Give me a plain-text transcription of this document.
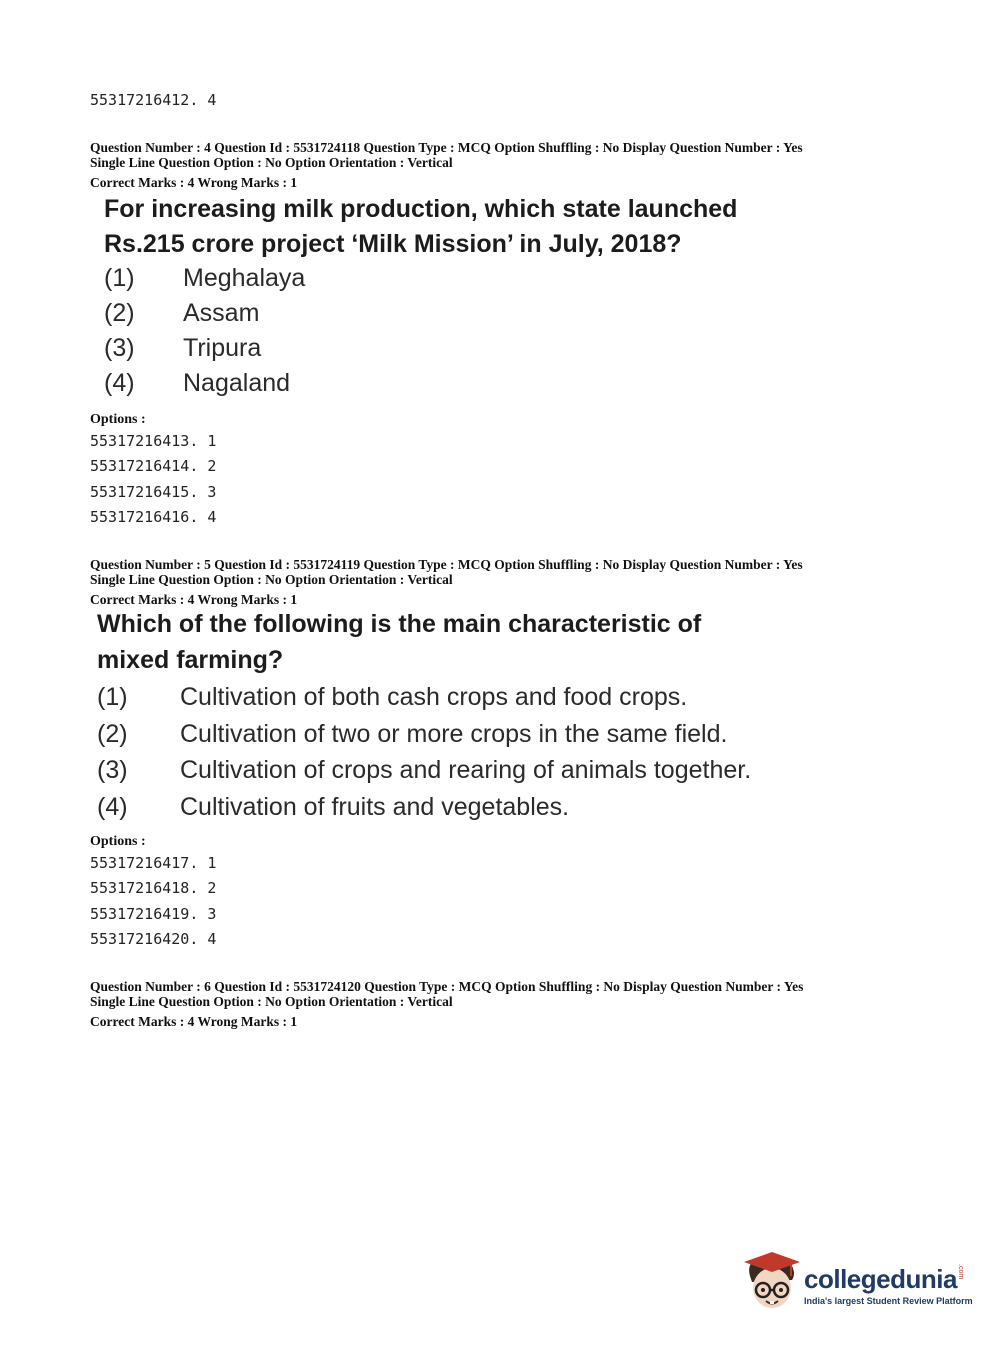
55317216412. 4
Question Number : 4 Question Id : 5531724118 Question Type : MCQ Option Shuffling : No Display Question Number : Yes
Single Line Question Option : No Option Orientation : Vertical
Correct Marks : 4 Wrong Marks : 1
For increasing milk production, which state launched
Rs.215 crore project ‘Milk Mission’ in July, 2018?
(1) Meghalaya
(2) Assam
(3) Tripura
(4) Nagaland
Options :
55317216413. 1
55317216414. 2
55317216415. 3
55317216416. 4
Question Number : 5 Question Id : 5531724119 Question Type : MCQ Option Shuffling : No Display Question Number : Yes
Single Line Question Option : No Option Orientation : Vertical
Correct Marks : 4 Wrong Marks : 1
Which of the following is the main characteristic of
mixed farming?
(1) Cultivation of both cash crops and food crops.
(2) Cultivation of two or more crops in the same field.
(3) Cultivation of crops and rearing of animals together.
(4) Cultivation of fruits and vegetables.
Options :
55317216417. 1
55317216418. 2
55317216419. 3
55317216420. 4
Question Number : 6 Question Id : 5531724120 Question Type : MCQ Option Shuffling : No Display Question Number : Yes
Single Line Question Option : No Option Orientation : Vertical
Correct Marks : 4 Wrong Marks : 1
collegedunia .com
India's largest Student Review Platform
